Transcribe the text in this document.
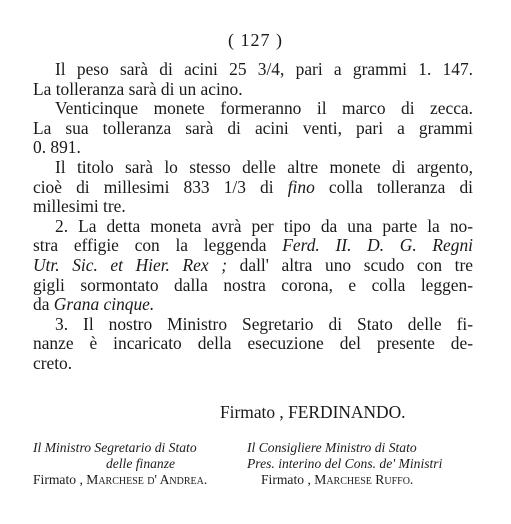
( 127 )
Il peso sarà di acini 25 3/4, pari a grammi 1. 147.
La tolleranza sarà di un acino.
Venticinque monete formeranno il marco di zecca.
La sua tolleranza sarà di acini venti, pari a grammi
0. 891.
Il titolo sarà lo stesso delle altre monete di argento,
cioè di millesimi 833 1/3 di fino colla tolleranza di
millesimi tre.
2. La detta moneta avrà per tipo da una parte la no-
stra effigie con la leggenda Ferd. II. D. G. Regni
Utr. Sic. et Hier. Rex ; dall' altra uno scudo con tre
gigli sormontato dalla nostra corona, e colla leggen-
da Grana cinque.
3. Il nostro Ministro Segretario di Stato delle fi-
nanze è incaricato della esecuzione del presente de-
creto.
Firmato , FERDINANDO.
Il Ministro Segretario di Stato
delle finanze
Firmato , Marchese d' Andrea.
Il Consigliere Ministro di Stato
Pres. interino del Cons. de' Ministri
Firmato , Marchese Ruffo.
